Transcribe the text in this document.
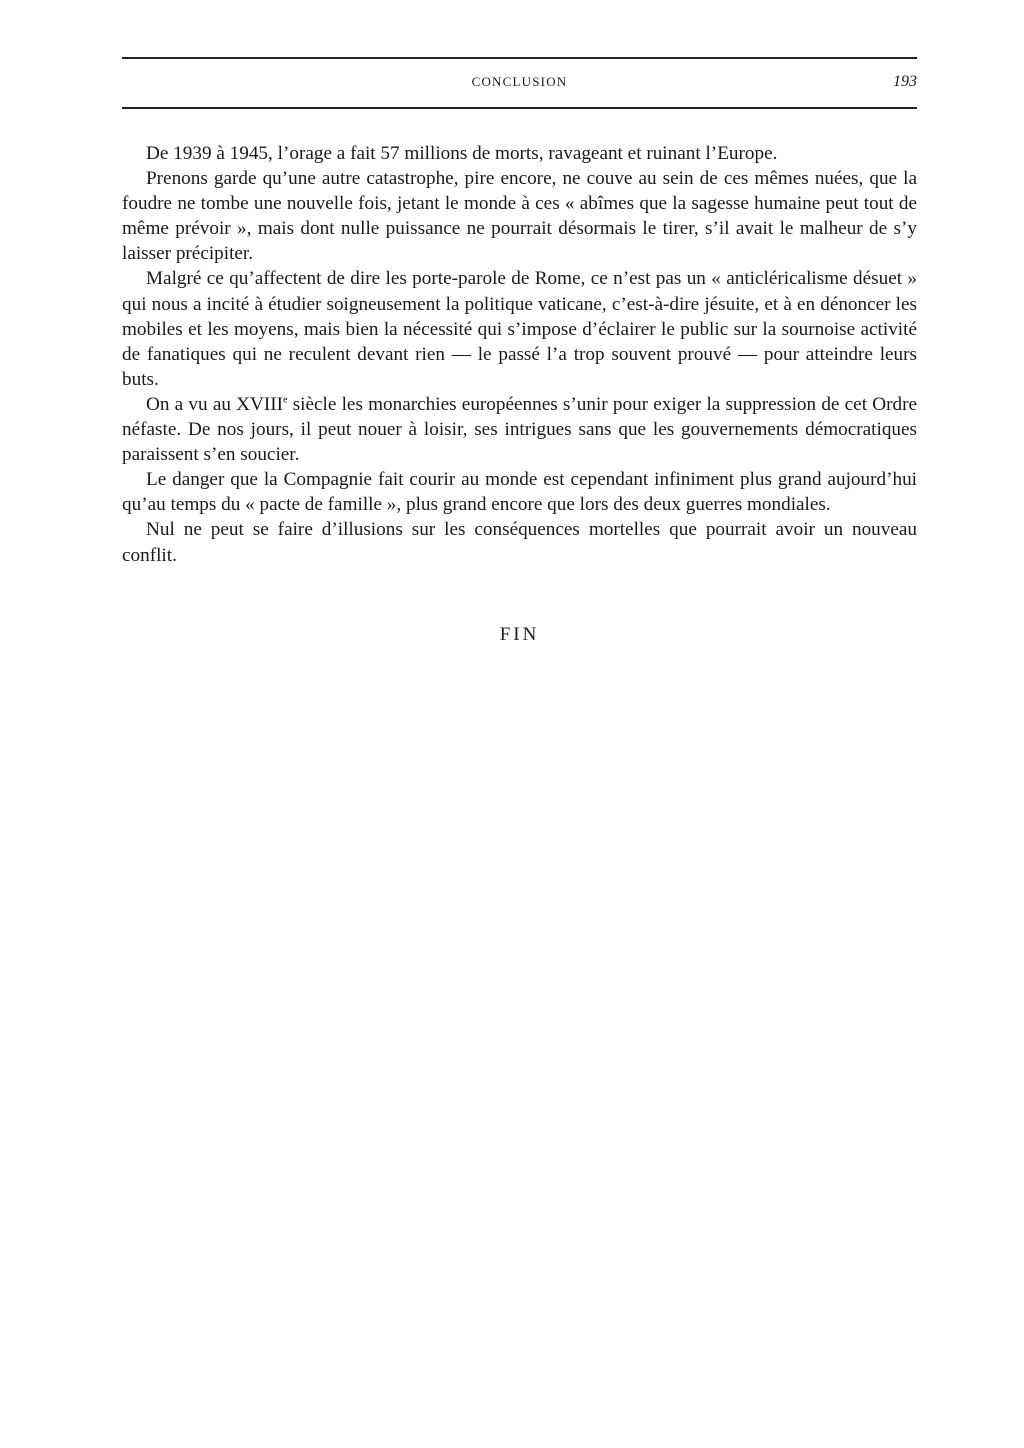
CONCLUSION	193

De 1939 à 1945, l’orage a fait 57 millions de morts, ravageant et ruinant l’Europe.

Prenons garde qu’une autre catastrophe, pire encore, ne couve au sein de ces mêmes nuées, que la foudre ne tombe une nouvelle fois, jetant le monde à ces « abîmes que la sagesse humaine peut tout de même prévoir », mais dont nulle puissance ne pourrait désormais le tirer, s’il avait le malheur de s’y laisser précipiter.

Malgré ce qu’affectent de dire les porte-parole de Rome, ce n’est pas un « anticléricalisme désuet » qui nous a incité à étudier soigneusement la politique vaticane, c’est-à-dire jésuite, et à en dénoncer les mobiles et les moyens, mais bien la nécessité qui s’impose d’éclairer le public sur la sournoise activité de fanatiques qui ne reculent devant rien — le passé l’a trop souvent prouvé — pour atteindre leurs buts.

On a vu au XVIIIe siècle les monarchies européennes s’unir pour exiger la suppression de cet Ordre néfaste. De nos jours, il peut nouer à loisir, ses intrigues sans que les gouvernements démocratiques paraissent s’en soucier.

Le danger que la Compagnie fait courir au monde est cependant infiniment plus grand aujourd’hui qu’au temps du « pacte de famille », plus grand encore que lors des deux guerres mondiales.

Nul ne peut se faire d’illusions sur les conséquences mortelles que pourrait avoir un nouveau conflit.

FIN
